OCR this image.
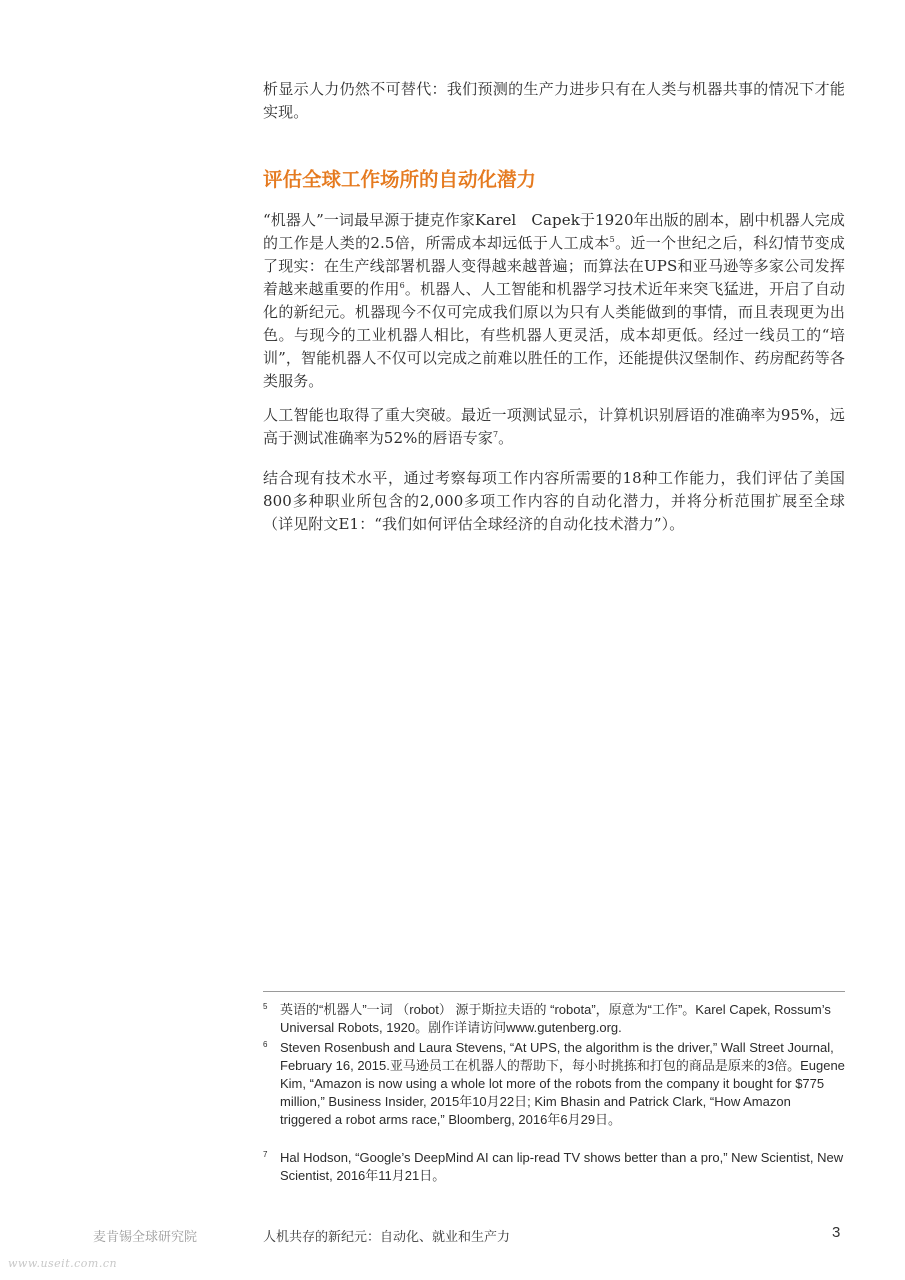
析显示人力仍然不可替代：我们预测的生产力进步只有在人类与机器共事的情况下才能实现。

评估全球工作场所的自动化潜力

“机器人”一词最早源于捷克作家Karel　Capek于1920年出版的剧本，剧中机器人完成的工作是人类的2.5倍，所需成本却远低于人工成本$^5$。近一个世纪之后，科幻情节变成了现实：在生产线部署机器人变得越来越普遍；而算法在UPS和亚马逊等多家公司发挥着越来越重要的作用$^6$。机器人、人工智能和机器学习技术近年来突飞猛进，开启了自动化的新纪元。机器现今不仅可完成我们原以为只有人类能做到的事情，而且表现更为出色。与现今的工业机器人相比，有些机器人更灵活，成本却更低。经过一线员工的“培训”，智能机器人不仅可以完成之前难以胜任的工作，还能提供汉堡制作、药房配药等各类服务。

人工智能也取得了重大突破。最近一项测试显示，计算机识别唇语的准确率为95%，远高于测试准确率为52%的唇语专家$^7$。

结合现有技术水平，通过考察每项工作内容所需要的18种工作能力，我们评估了美国800多种职业所包含的2,000多项工作内容的自动化潜力，并将分析范围扩展至全球（详见附文E1：“我们如何评估全球经济的自动化技术潜力”）。

5 英语的“机器人”一词 （robot） 源于斯拉夫语的 “robota”，原意为“工作”。Karel Capek, Rossum’s Universal Robots, 1920。剧作详请访问www.gutenberg.org.
6 Steven Rosenbush and Laura Stevens, “At UPS, the algorithm is the driver,” Wall Street Journal, February 16, 2015.亚马逊员工在机器人的帮助下，每小时挑拣和打包的商品是原来的3倍。Eugene Kim, “Amazon is now using a whole lot more of the robots from the company it bought for $775 million,” Business Insider, 2015年10月22日; Kim Bhasin and Patrick Clark, “How Amazon triggered a robot arms race,” Bloomberg, 2016年6月29日。
7 Hal Hodson, “Google’s DeepMind AI can lip-read TV shows better than a pro,” New Scientist, New Scientist, 2016年11月21日。
麦肯锡全球研究院	人机共存的新纪元：自动化、就业和生产力	3
www.useit.com.cn
